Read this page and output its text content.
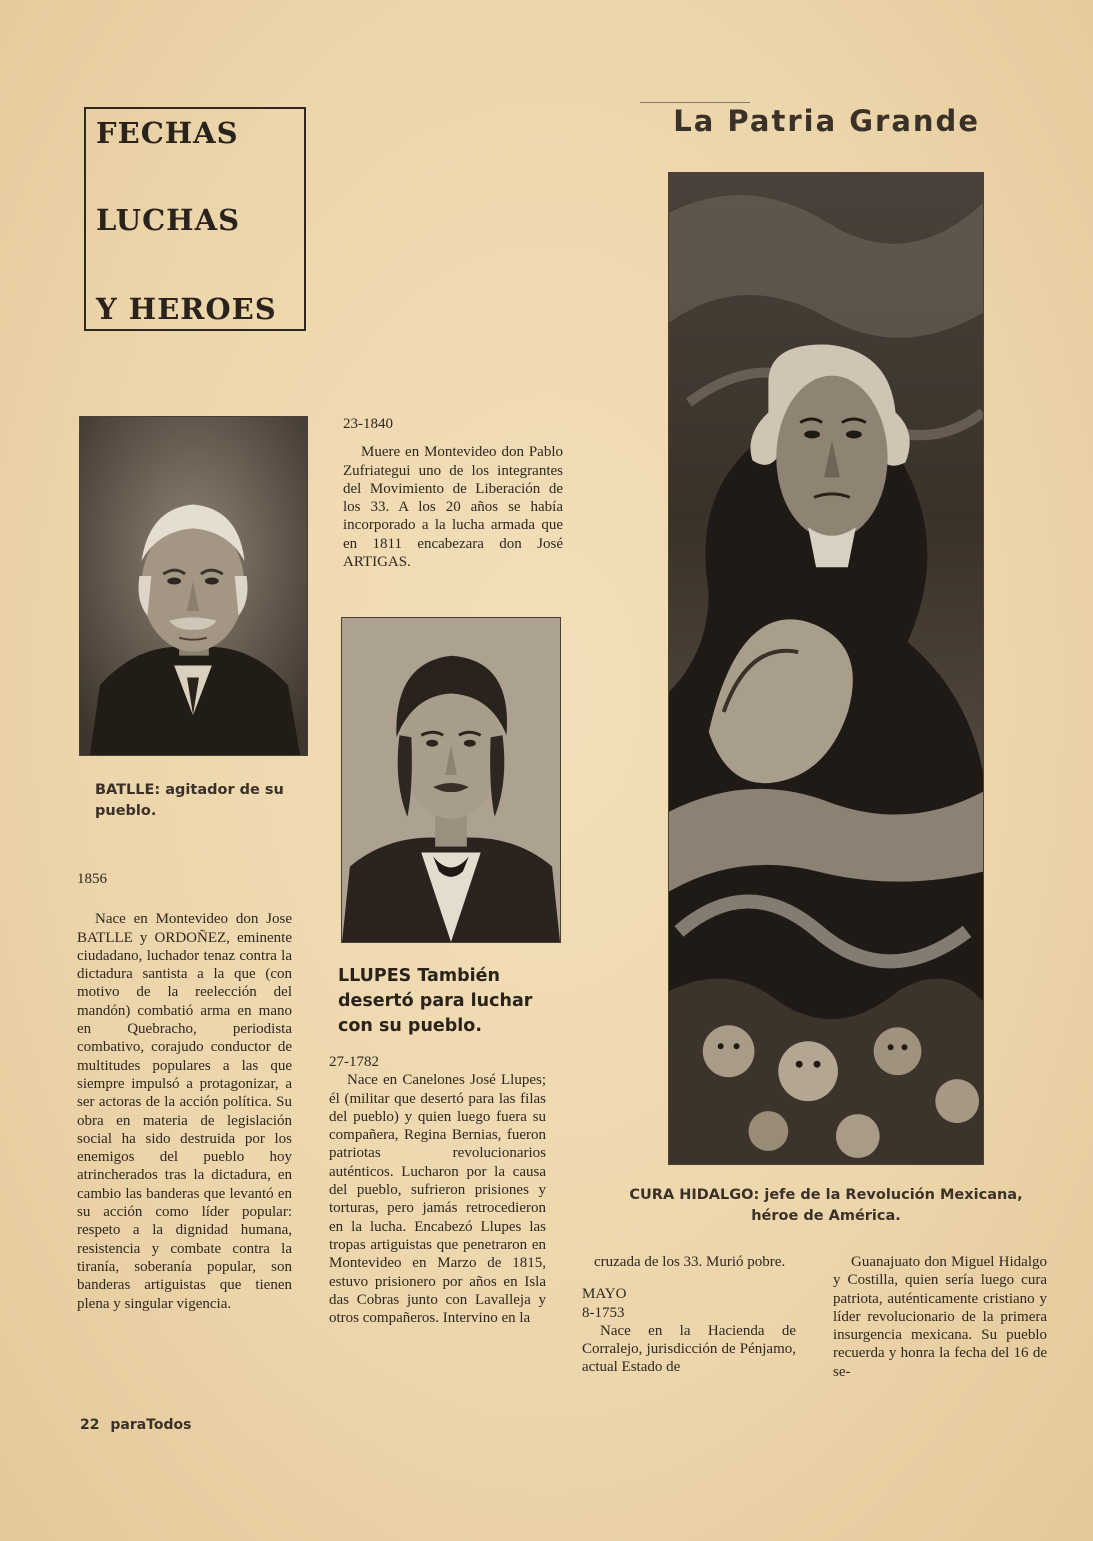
FECHAS
LUCHAS
Y HEROES
La Patria Grande
BATLLE: agitador de su pueblo.
1856
Nace en Montevideo don Jose BATLLE y ORDOÑEZ, eminente ciudadano, luchador tenaz contra la dictadura santista a la que (con motivo de la reelección del mandón) combatió arma en mano en Quebracho, periodista combativo, corajudo conductor de multitudes populares a las que siempre impulsó a protagonizar, a ser actoras de la acción política. Su obra en materia de legislación social ha sido destruida por los enemigos del pueblo hoy atrincherados tras la dictadura, en cambio las banderas que levantó en su acción como líder popular: respeto a la dignidad humana, resistencia y combate contra la tiranía, soberanía popular, son banderas artiguistas que tienen plena y singular vigencia.
23-1840
Muere en Montevideo don Pablo Zufriategui uno de los integrantes del Movimiento de Liberación de los 33. A los 20 años se había incorporado a la lucha armada que en 1811 encabezara don José ARTIGAS.
LLUPES También
desertó para luchar
con su pueblo.
27-1782
Nace en Canelones José Llupes; él (militar que desertó para las filas del pueblo) y quien luego fuera su compañera, Regina Bernias, fueron patriotas revolucionarios auténticos. Lucharon por la causa del pueblo, sufrieron prisiones y torturas, pero jamás retrocedieron en la lucha. Encabezó Llupes las tropas artiguistas que penetraron en Montevideo en Marzo de 1815, estuvo prisionero por años en Isla das Cobras junto con Lavalleja y otros compañeros. Intervino en la
CURA HIDALGO: jefe de la Revolución Mexicana,
héroe de América.
cruzada de los 33. Murió pobre.
MAYO
8-1753
Nace en la Hacienda de Corralejo, jurisdicción de Pénjamo, actual Estado de
Guanajuato don Miguel Hidalgo y Costilla, quien sería luego cura patriota, auténticamente cristiano y líder revolucionario de la primera insurgencia mexicana. Su pueblo recuerda y honra la fecha del 16 de se-
22 paraTodos
